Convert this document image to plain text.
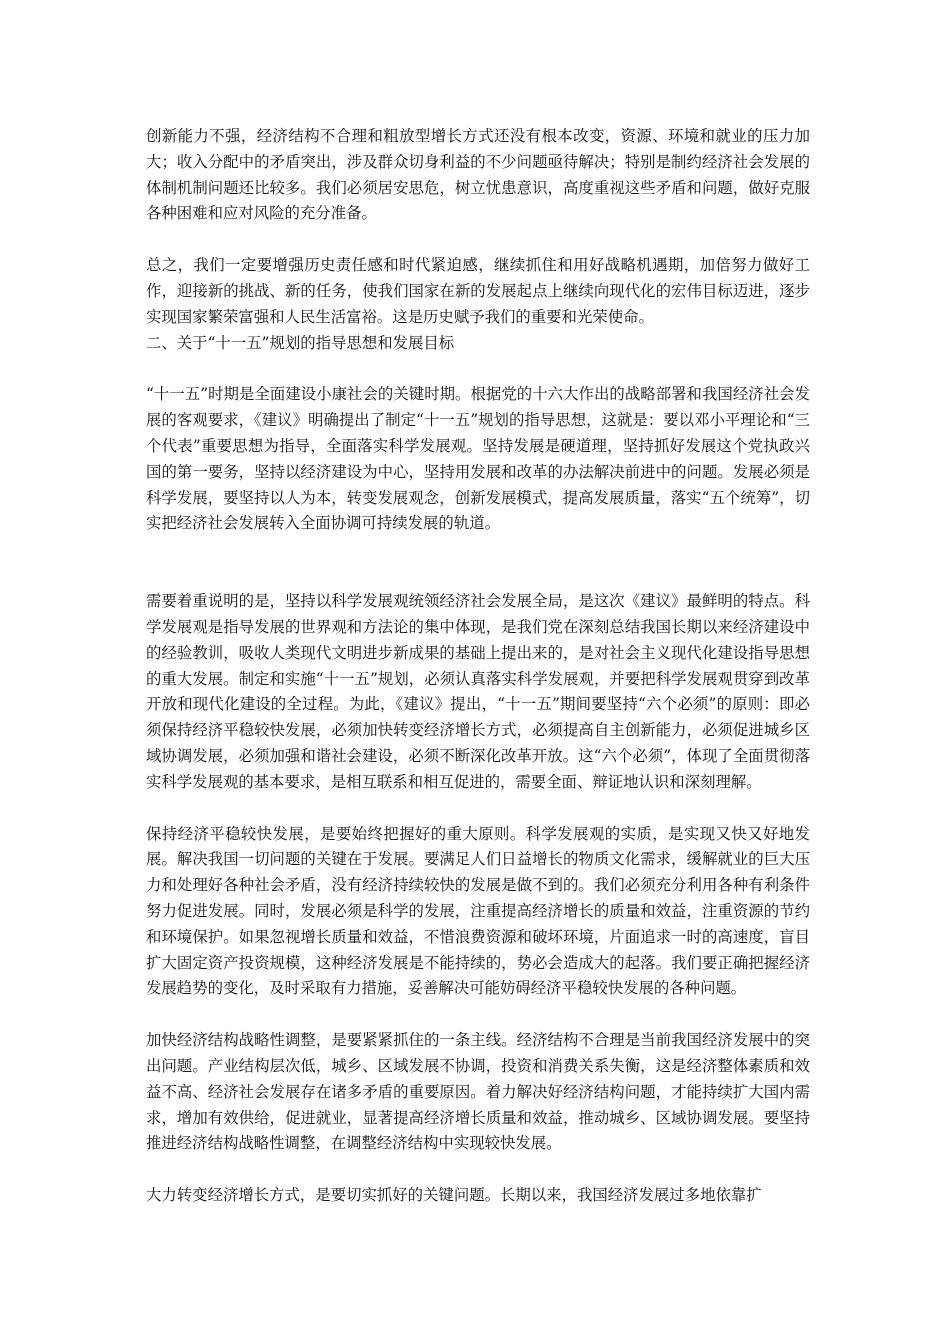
创新能力不强，经济结构不合理和粗放型增长方式还没有根本改变，资源、环境和就业的压力加大；收入分配中的矛盾突出，涉及群众切身利益的不少问题亟待解决；特别是制约经济社会发展的体制机制问题还比较多。我们必须居安思危，树立忧患意识，高度重视这些矛盾和问题，做好克服各种困难和应对风险的充分准备。

总之，我们一定要增强历史责任感和时代紧迫感，继续抓住和用好战略机遇期，加倍努力做好工作，迎接新的挑战、新的任务，使我们国家在新的发展起点上继续向现代化的宏伟目标迈进，逐步实现国家繁荣富强和人民生活富裕。这是历史赋予我们的重要和光荣使命。

二、关于“十一五”规划的指导思想和发展目标

“十一五”时期是全面建设小康社会的关键时期。根据党的十六大作出的战略部署和我国经济社会发展的客观要求，《建议》明确提出了制定“十一五”规划的指导思想，这就是：要以邓小平理论和“三个代表”重要思想为指导，全面落实科学发展观。坚持发展是硬道理，坚持抓好发展这个党执政兴国的第一要务，坚持以经济建设为中心，坚持用发展和改革的办法解决前进中的问题。发展必须是科学发展，要坚持以人为本，转变发展观念，创新发展模式，提高发展质量，落实“五个统筹”，切实把经济社会发展转入全面协调可持续发展的轨道。

需要着重说明的是，坚持以科学发展观统领经济社会发展全局，是这次《建议》最鲜明的特点。科学发展观是指导发展的世界观和方法论的集中体现，是我们党在深刻总结我国长期以来经济建设中的经验教训，吸收人类现代文明进步新成果的基础上提出来的，是对社会主义现代化建设指导思想的重大发展。制定和实施“十一五”规划，必须认真落实科学发展观，并要把科学发展观贯穿到改革开放和现代化建设的全过程。为此，《建议》提出，“十一五”期间要坚持“六个必须”的原则：即必须保持经济平稳较快发展，必须加快转变经济增长方式，必须提高自主创新能力，必须促进城乡区域协调发展，必须加强和谐社会建设，必须不断深化改革开放。这“六个必须”，体现了全面贯彻落实科学发展观的基本要求，是相互联系和相互促进的，需要全面、辩证地认识和深刻理解。

保持经济平稳较快发展，是要始终把握好的重大原则。科学发展观的实质，是实现又快又好地发展。解决我国一切问题的关键在于发展。要满足人们日益增长的物质文化需求，缓解就业的巨大压力和处理好各种社会矛盾，没有经济持续较快的发展是做不到的。我们必须充分利用各种有利条件努力促进发展。同时，发展必须是科学的发展，注重提高经济增长的质量和效益，注重资源的节约和环境保护。如果忽视增长质量和效益，不惜浪费资源和破坏环境，片面追求一时的高速度，盲目扩大固定资产投资规模，这种经济发展是不能持续的，势必会造成大的起落。我们要正确把握经济发展趋势的变化，及时采取有力措施，妥善解决可能妨碍经济平稳较快发展的各种问题。

加快经济结构战略性调整，是要紧紧抓住的一条主线。经济结构不合理是当前我国经济发展中的突出问题。产业结构层次低，城乡、区域发展不协调，投资和消费关系失衡，这是经济整体素质和效益不高、经济社会发展存在诸多矛盾的重要原因。着力解决好经济结构问题，才能持续扩大国内需求，增加有效供给，促进就业，显著提高经济增长质量和效益，推动城乡、区域协调发展。要坚持推进经济结构战略性调整，在调整经济结构中实现较快发展。

大力转变经济增长方式，是要切实抓好的关键问题。长期以来，我国经济发展过多地依靠扩
